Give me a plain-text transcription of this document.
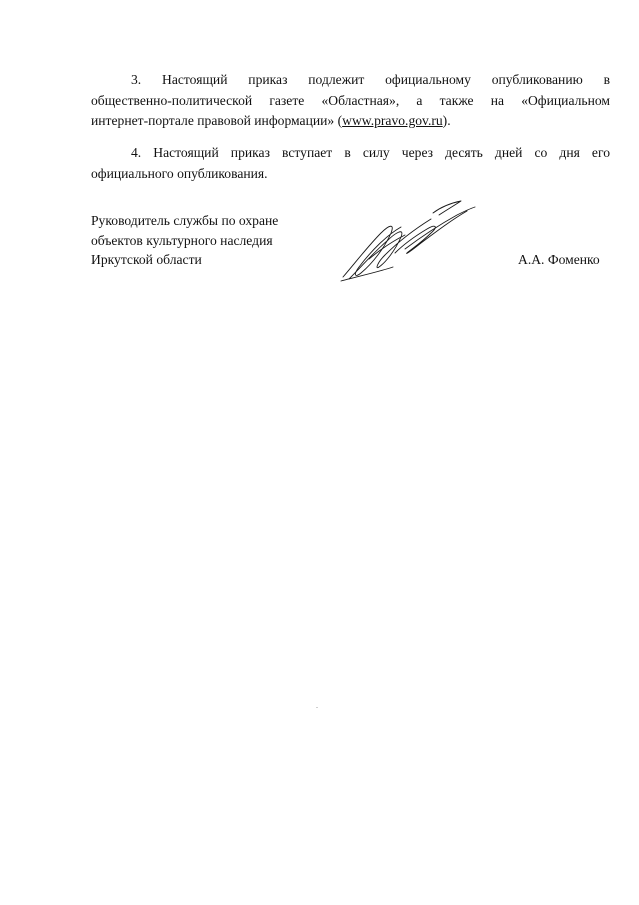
3. Настоящий приказ подлежит официальному опубликованию в
общественно-политической газете «Областная», а также на «Официальном
интернет-портале правовой информации» (www.pravo.gov.ru).

4. Настоящий приказ вступает в силу через десять дней со дня его
официального опубликования.

Руководитель службы по охране
объектов культурного наследия
Иркутской области	А.А. Фоменко
